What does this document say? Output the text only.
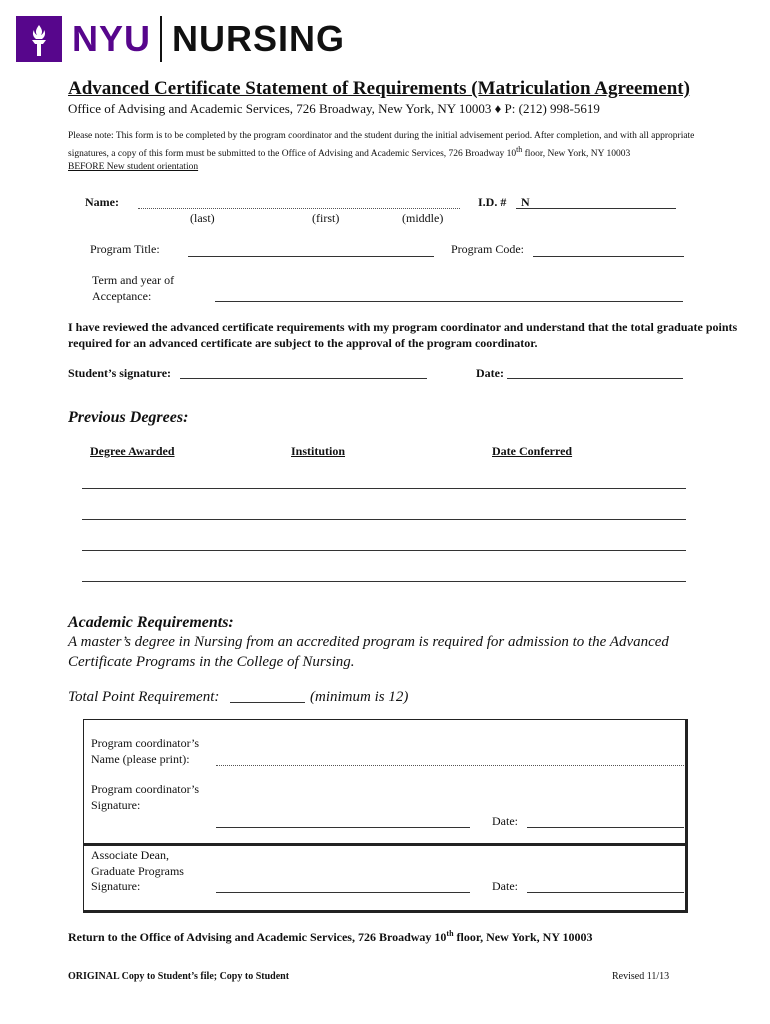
NYU NURSING
Advanced Certificate Statement of Requirements (Matriculation Agreement)
Office of Advising and Academic Services, 726 Broadway, New York, NY 10003 ♦ P: (212) 998-5619
Please note: This form is to be completed by the program coordinator and the student during the initial advisement period. After completion, and with all appropriate signatures, a copy of this form must be submitted to the Office of Advising and Academic Services, 726 Broadway 10th floor, New York, NY 10003
BEFORE New student orientation
Name:
(last)	(first)	(middle)
I.D. # N
Program Title:	Program Code:
Term and year of
Acceptance:
I have reviewed the advanced certificate requirements with my program coordinator and understand that the total graduate points required for an advanced certificate are subject to the approval of the program coordinator.
Student’s signature:	Date:
Previous Degrees:
Degree Awarded	Institution	Date Conferred
Academic Requirements:
A master’s degree in Nursing from an accredited program is required for admission to the Advanced Certificate Programs in the College of Nursing.
Total Point Requirement:	(minimum is 12)
Program coordinator’s
Name (please print):
Program coordinator’s
Signature:
Date:
Associate Dean,
Graduate Programs
Signature:	Date:
Return to the Office of Advising and Academic Services, 726 Broadway 10th floor, New York, NY 10003
ORIGINAL Copy to Student’s file; Copy to Student	Revised 11/13
